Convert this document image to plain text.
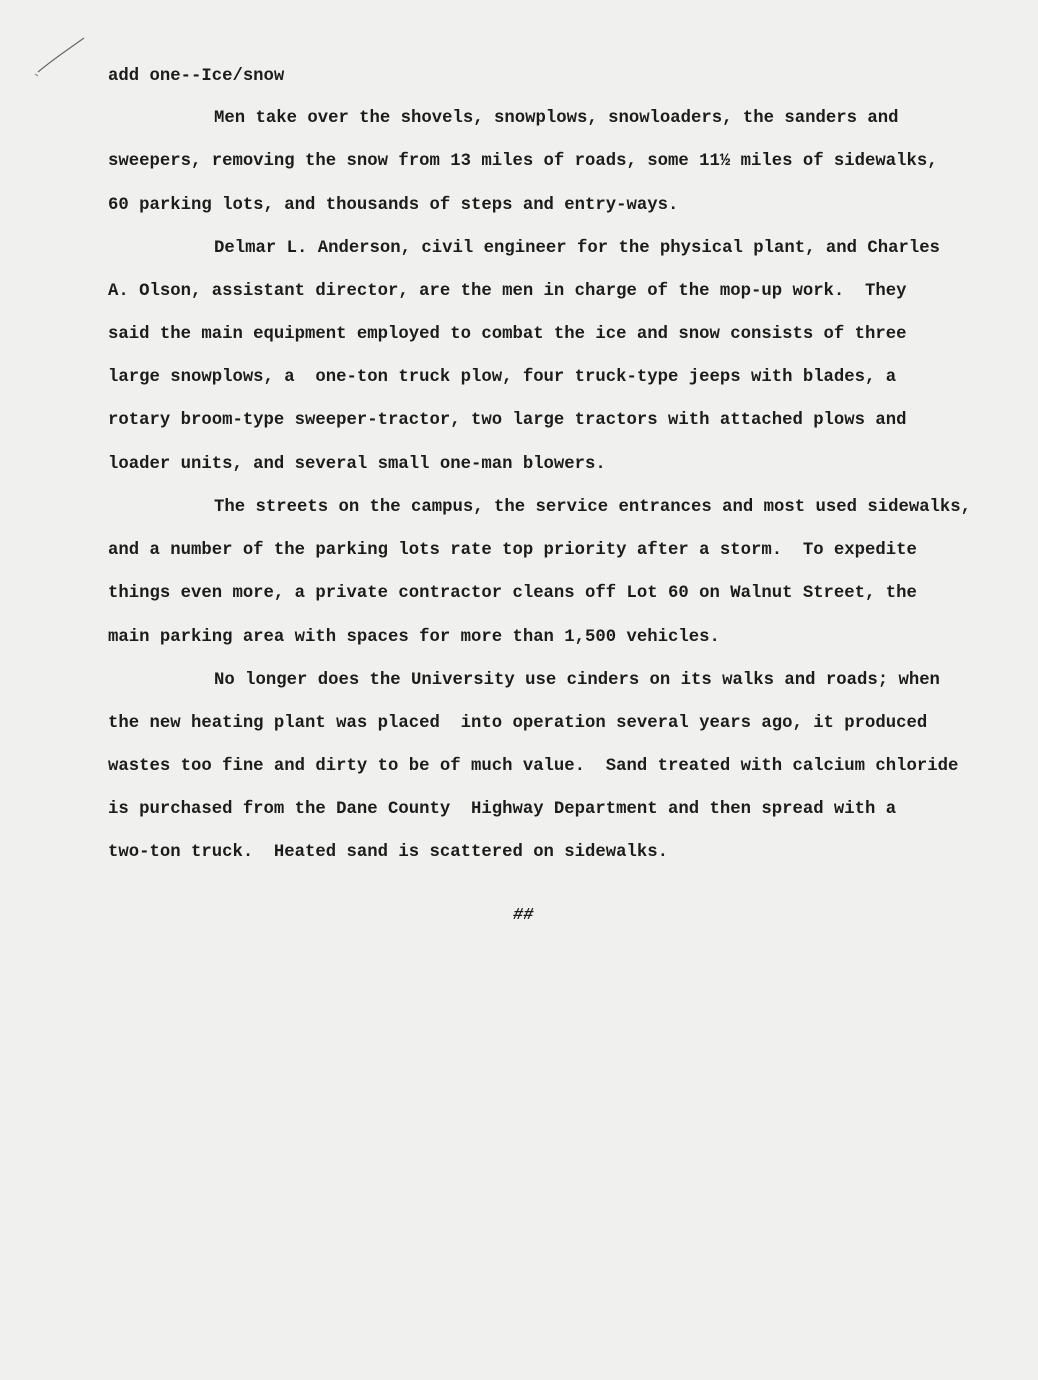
add one--Ice/snow
Men take over the shovels, snowplows, snowloaders, the sanders and
sweepers, removing the snow from 13 miles of roads, some 11½ miles of sidewalks,
60 parking lots, and thousands of steps and entry-ways.
Delmar L. Anderson, civil engineer for the physical plant, and Charles
A. Olson, assistant director, are the men in charge of the mop-up work.  They
said the main equipment employed to combat the ice and snow consists of three
large snowplows, a  one-ton truck plow, four truck-type jeeps with blades, a
rotary broom-type sweeper-tractor, two large tractors with attached plows and
loader units, and several small one-man blowers.
The streets on the campus, the service entrances and most used sidewalks,
and a number of the parking lots rate top priority after a storm.  To expedite
things even more, a private contractor cleans off Lot 60 on Walnut Street, the
main parking area with spaces for more than 1,500 vehicles.
No longer does the University use cinders on its walks and roads; when
the new heating plant was placed  into operation several years ago, it produced
wastes too fine and dirty to be of much value.  Sand treated with calcium chloride
is purchased from the Dane County  Highway Department and then spread with a
two-ton truck.  Heated sand is scattered on sidewalks.
##
